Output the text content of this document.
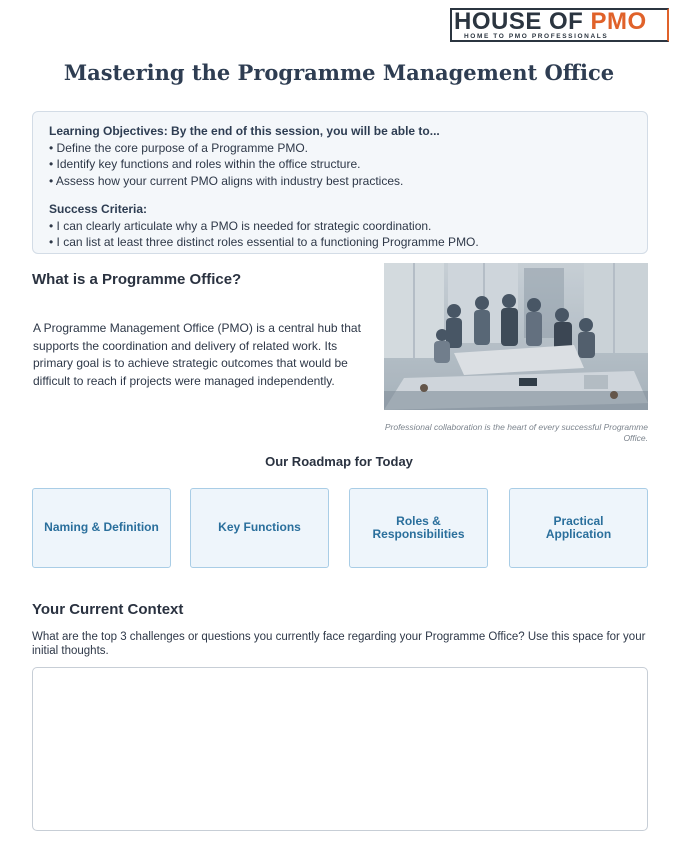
HOUSE OF PMO
HOME TO PMO PROFESSIONALS
Mastering the Programme Management Office
Learning Objectives: By the end of this session, you will be able to...
• Define the core purpose of a Programme PMO.
• Identify key functions and roles within the office structure.
• Assess how your current PMO aligns with industry best practices.
Success Criteria:
• I can clearly articulate why a PMO is needed for strategic coordination.
• I can list at least three distinct roles essential to a functioning Programme PMO.
What is a Programme Office?
A Programme Management Office (PMO) is a central hub that supports the coordination and delivery of related work. Its primary goal is to achieve strategic outcomes that would be difficult to reach if projects were managed independently.
Professional collaboration is the heart of every successful Programme Office.
Our Roadmap for Today
Naming & Definition	Key Functions	Roles & Responsibilities
Practical Application
Your Current Context
What are the top 3 challenges or questions you currently face regarding your Programme Office? Use this space for your initial thoughts.
